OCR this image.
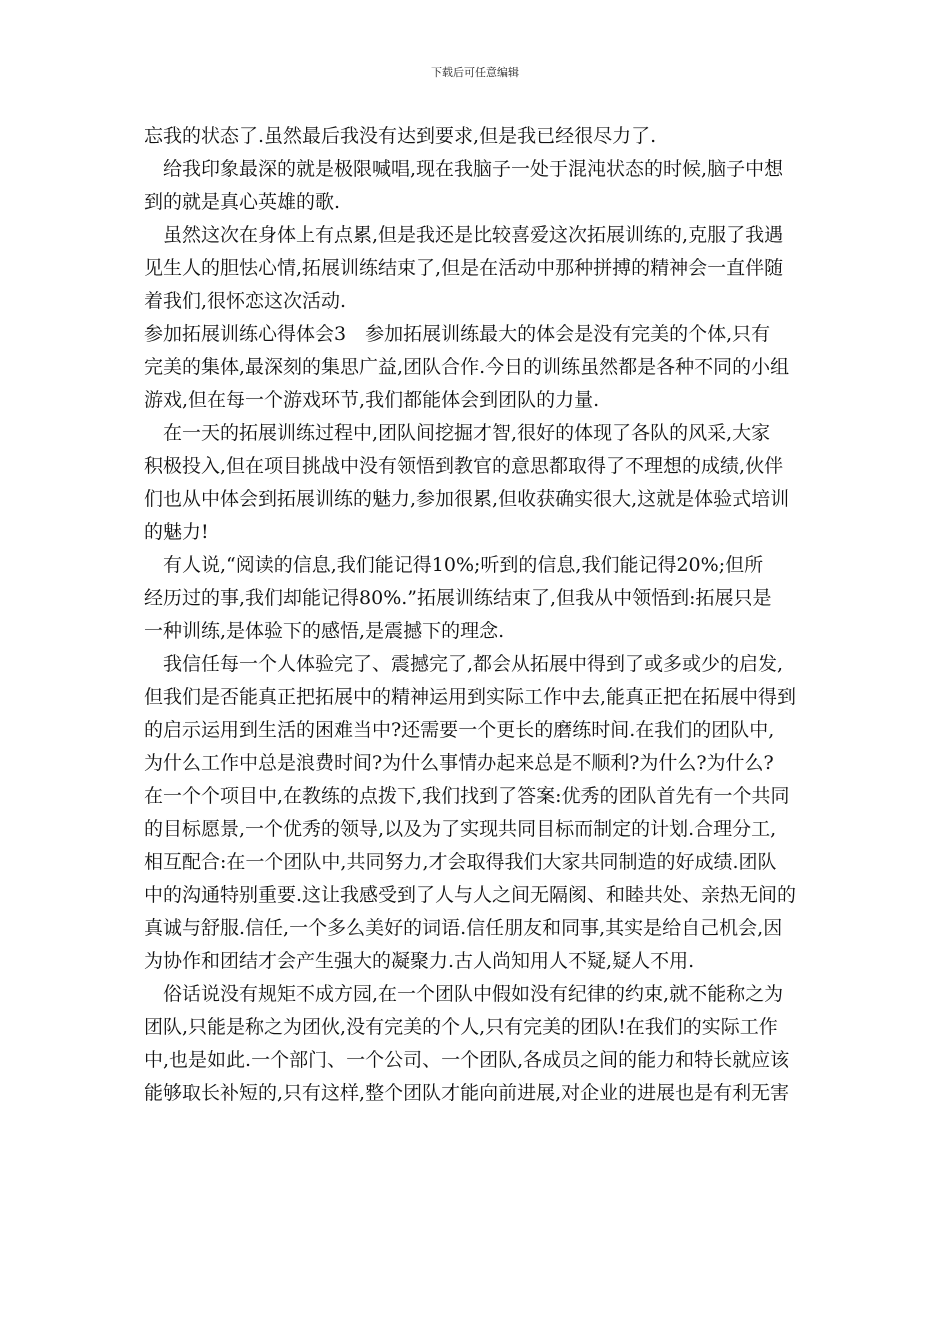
下载后可任意编辑
忘我的状态了.虽然最后我没有达到要求,但是我已经很尽力了.
　给我印象最深的就是极限喊唱,现在我脑子一处于混沌状态的时候,脑子中想
到的就是真心英雄的歌.
　虽然这次在身体上有点累,但是我还是比较喜爱这次拓展训练的,克服了我遇
见生人的胆怯心情,拓展训练结束了,但是在活动中那种拼搏的精神会一直伴随
着我们,很怀恋这次活动.
参加拓展训练心得体会3　参加拓展训练最大的体会是没有完美的个体,只有
完美的集体,最深刻的集思广益,团队合作.今日的训练虽然都是各种不同的小组
游戏,但在每一个游戏环节,我们都能体会到团队的力量.
　在一天的拓展训练过程中,团队间挖掘才智,很好的体现了各队的风采,大家
积极投入,但在项目挑战中没有领悟到教官的意思都取得了不理想的成绩,伙伴
们也从中体会到拓展训练的魅力,参加很累,但收获确实很大,这就是体验式培训
的魅力!
　有人说,“阅读的信息,我们能记得10%;听到的信息,我们能记得20%;但所
经历过的事,我们却能记得80%.”拓展训练结束了,但我从中领悟到:拓展只是
一种训练,是体验下的感悟,是震撼下的理念.
　我信任每一个人体验完了、震撼完了,都会从拓展中得到了或多或少的启发,
但我们是否能真正把拓展中的精神运用到实际工作中去,能真正把在拓展中得到
的启示运用到生活的困难当中?还需要一个更长的磨练时间.在我们的团队中,
为什么工作中总是浪费时间?为什么事情办起来总是不顺利?为什么?为什么?
在一个个项目中,在教练的点拨下,我们找到了答案:优秀的团队首先有一个共同
的目标愿景,一个优秀的领导,以及为了实现共同目标而制定的计划.合理分工,
相互配合:在一个团队中,共同努力,才会取得我们大家共同制造的好成绩.团队
中的沟通特别重要.这让我感受到了人与人之间无隔阂、和睦共处、亲热无间的
真诚与舒服.信任,一个多么美好的词语.信任朋友和同事,其实是给自己机会,因
为协作和团结才会产生强大的凝聚力.古人尚知用人不疑,疑人不用.
　俗话说没有规矩不成方园,在一个团队中假如没有纪律的约束,就不能称之为
团队,只能是称之为团伙,没有完美的个人,只有完美的团队!在我们的实际工作
中,也是如此.一个部门、一个公司、一个团队,各成员之间的能力和特长就应该
能够取长补短的,只有这样,整个团队才能向前进展,对企业的进展也是有利无害
